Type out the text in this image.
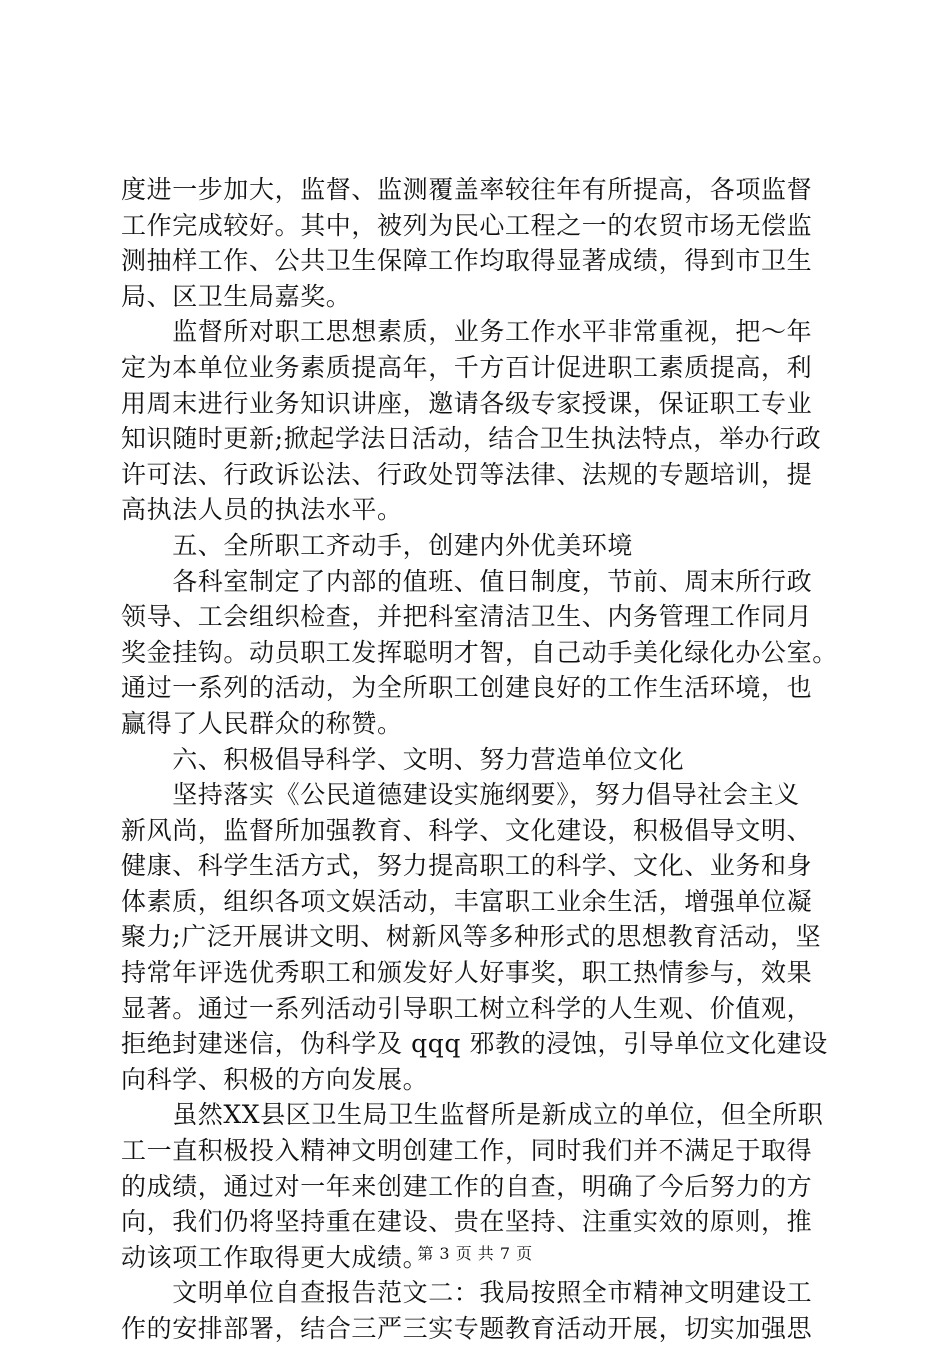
度进一步加大，监督、监测覆盖率较往年有所提高，各项监督
工作完成较好。其中，被列为民心工程之一的农贸市场无偿监
测抽样工作、公共卫生保障工作均取得显著成绩，得到市卫生
局、区卫生局嘉奖。
　　监督所对职工思想素质，业务工作水平非常重视，把～年
定为本单位业务素质提高年，千方百计促进职工素质提高，利
用周末进行业务知识讲座，邀请各级专家授课，保证职工专业
知识随时更新;掀起学法日活动，结合卫生执法特点，举办行政
许可法、行政诉讼法、行政处罚等法律、法规的专题培训，提
高执法人员的执法水平。
　　五、全所职工齐动手，创建内外优美环境
　　各科室制定了内部的值班、值日制度，节前、周末所行政
领导、工会组织检查，并把科室清洁卫生、内务管理工作同月
奖金挂钩。动员职工发挥聪明才智，自己动手美化绿化办公室。
通过一系列的活动，为全所职工创建良好的工作生活环境，也
赢得了人民群众的称赞。
　　六、积极倡导科学、文明、努力营造单位文化
　　坚持落实《公民道德建设实施纲要》，努力倡导社会主义
新风尚，监督所加强教育、科学、文化建设，积极倡导文明、
健康、科学生活方式，努力提高职工的科学、文化、业务和身
体素质，组织各项文娱活动，丰富职工业余生活，增强单位凝
聚力;广泛开展讲文明、树新风等多种形式的思想教育活动，坚
持常年评选优秀职工和颁发好人好事奖，职工热情参与，效果
显著。通过一系列活动引导职工树立科学的人生观、价值观，
拒绝封建迷信，伪科学及 qqq 邪教的浸蚀，引导单位文化建设
向科学、积极的方向发展。
　　虽然XX县区卫生局卫生监督所是新成立的单位，但全所职
工一直积极投入精神文明创建工作，同时我们并不满足于取得
的成绩，通过对一年来创建工作的自查，明确了今后努力的方
向，我们仍将坚持重在建设、贵在坚持、注重实效的原则，推
动该项工作取得更大成绩。
　　文明单位自查报告范文二：我局按照全市精神文明建设工
作的安排部署，结合三严三实专题教育活动开展，切实加强思
第 3 页 共 7 页
